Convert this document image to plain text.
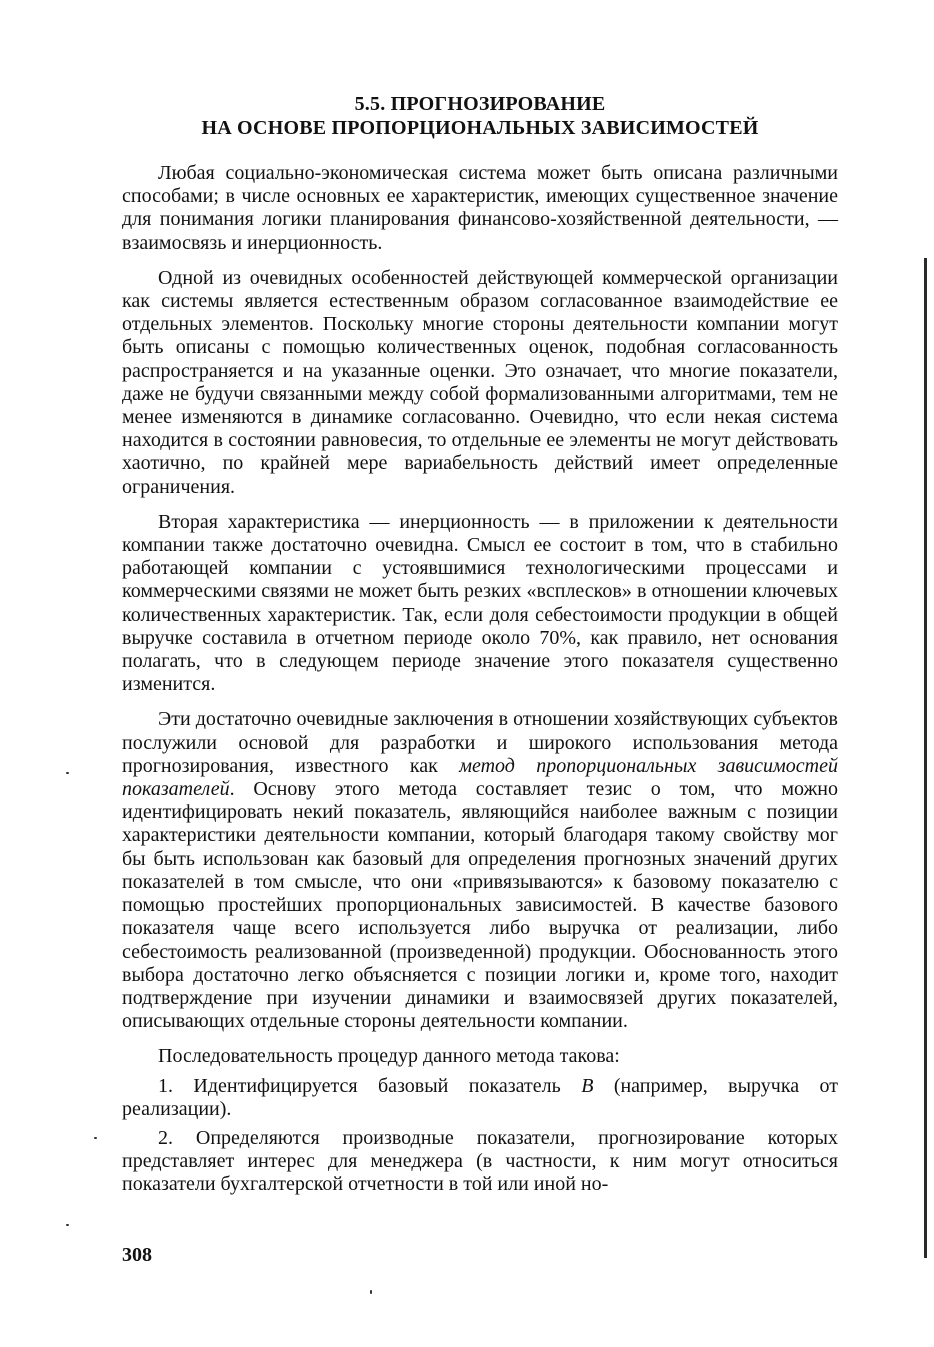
5.5. ПРОГНОЗИРОВАНИЕ
НА ОСНОВЕ ПРОПОРЦИОНАЛЬНЫХ ЗАВИСИМОСТЕЙ

Любая социально-экономическая система может быть описана различными способами; в числе основных ее характеристик, имеющих существенное значение для понимания логики планирования финансово-хозяйственной деятельности, — взаимосвязь и инерционность.

Одной из очевидных особенностей действующей коммерческой организации как системы является естественным образом согласованное взаимодействие ее отдельных элементов. Поскольку многие стороны деятельности компании могут быть описаны с помощью количественных оценок, подобная согласованность распространяется и на указанные оценки. Это означает, что многие показатели, даже не будучи связанными между собой формализованными алгоритмами, тем не менее изменяются в динамике согласованно. Очевидно, что если некая система находится в состоянии равновесия, то отдельные ее элементы не могут действовать хаотично, по крайней мере вариабельность действий имеет определенные ограничения.

Вторая характеристика — инерционность — в приложении к деятельности компании также достаточно очевидна. Смысл ее состоит в том, что в стабильно работающей компании с устоявшимися технологическими процессами и коммерческими связями не может быть резких «всплесков» в отношении ключевых количественных характеристик. Так, если доля себестоимости продукции в общей выручке составила в отчетном периоде около 70%, как правило, нет основания полагать, что в следующем периоде значение этого показателя существенно изменится.

Эти достаточно очевидные заключения в отношении хозяйствующих субъектов послужили основой для разработки и широкого использования метода прогнозирования, известного как метод пропорциональных зависимостей показателей. Основу этого метода составляет тезис о том, что можно идентифицировать некий показатель, являющийся наиболее важным с позиции характеристики деятельности компании, который благодаря такому свойству мог бы быть использован как базовый для определения прогнозных значений других показателей в том смысле, что они «привязываются» к базовому показателю с помощью простейших пропорциональных зависимостей. В качестве базового показателя чаще всего используется либо выручка от реализации, либо себестоимость реализованной (произведенной) продукции. Обоснованность этого выбора достаточно легко объясняется с позиции логики и, кроме того, находит подтверждение при изучении динамики и взаимосвязей других показателей, описывающих отдельные стороны деятельности компании.

Последовательность процедур данного метода такова:

1. Идентифицируется базовый показатель В (например, выручка от реализации).

2. Определяются производные показатели, прогнозирование которых представляет интерес для менеджера (в частности, к ним могут относиться показатели бухгалтерской отчетности в той или иной но-

308
